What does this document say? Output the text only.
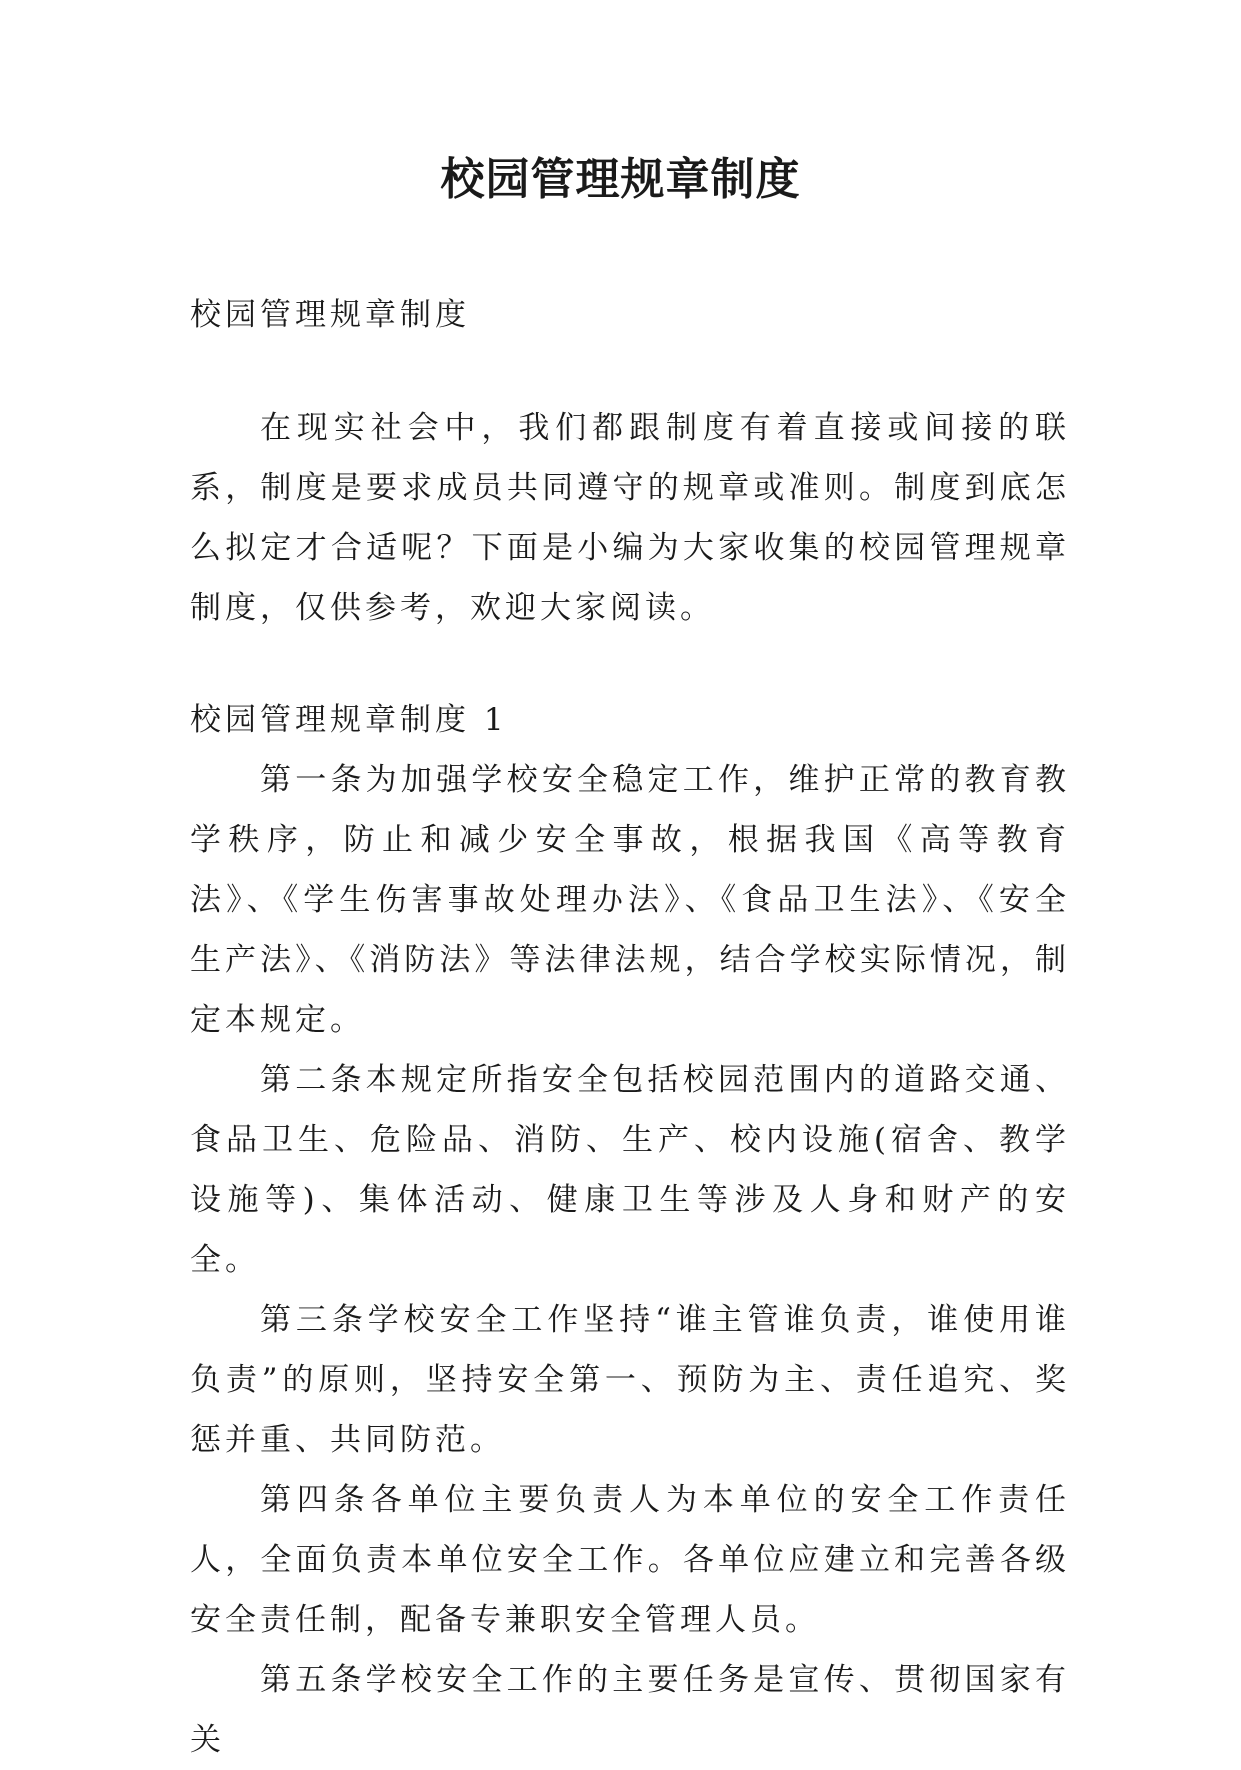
校园管理规章制度

校园管理规章制度

在现实社会中，我们都跟制度有着直接或间接的联系，制度是要求成员共同遵守的规章或准则。制度到底怎么拟定才合适呢？下面是小编为大家收集的校园管理规章制度，仅供参考，欢迎大家阅读。

校园管理规章制度 1

第一条为加强学校安全稳定工作，维护正常的教育教学秩序，防止和减少安全事故，根据我国《高等教育法》、《学生伤害事故处理办法》、《食品卫生法》、《安全生产法》、《消防法》等法律法规，结合学校实际情况，制定本规定。

第二条本规定所指安全包括校园范围内的道路交通、食品卫生、危险品、消防、生产、校内设施(宿舍、教学设施等)、集体活动、健康卫生等涉及人身和财产的安全。

第三条学校安全工作坚持“谁主管谁负责，谁使用谁负责”的原则，坚持安全第一、预防为主、责任追究、奖惩并重、共同防范。

第四条各单位主要负责人为本单位的安全工作责任人，全面负责本单位安全工作。各单位应建立和完善各级安全责任制，配备专兼职安全管理人员。

第五条学校安全工作的主要任务是宣传、贯彻国家有关
